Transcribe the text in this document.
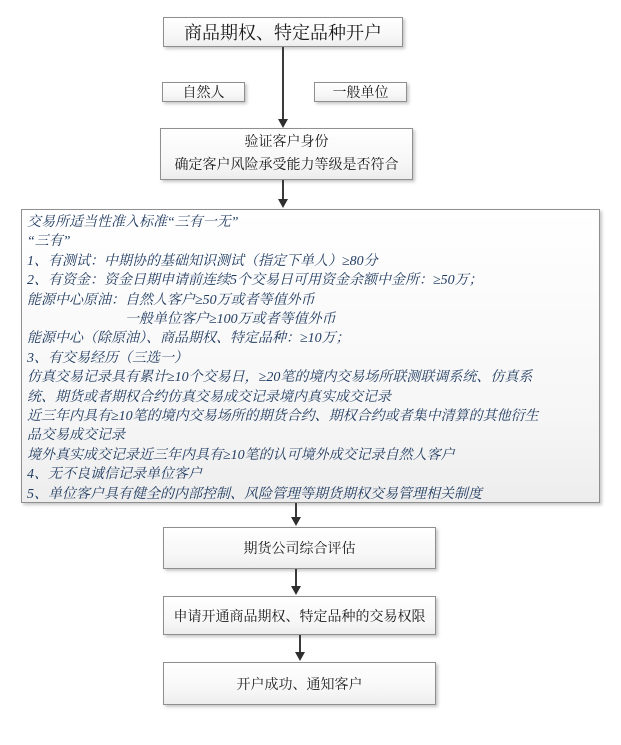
商品期权、特定品种开户
自然人	一般单位
验证客户身份
确定客户风险承受能力等级是否符合
交易所适当性准入标准“三有一无”
“三有”
1、有测试：中期协的基础知识测试（指定下单人）≥80分
2、有资金：资金日期申请前连续5个交易日可用资金余额中金所：≥50万；
能源中心原油：自然人客户≥50万或者等值外币
　　　　　　　一般单位客户≥100万或者等值外币
能源中心（除原油）、商品期权、特定品种：≥10万；
3、有交易经历（三选一）
仿真交易记录具有累计≥10个交易日，≥20笔的境内交易场所联测联调系统、仿真系
统、期货或者期权合约仿真交易成交记录境内真实成交记录
近三年内具有≥10笔的境内交易场所的期货合约、期权合约或者集中清算的其他衍生
品交易成交记录
境外真实成交记录近三年内具有≥10笔的认可境外成交记录自然人客户
4、无不良诚信记录单位客户
5、单位客户具有健全的内部控制、风险管理等期货期权交易管理相关制度
期货公司综合评估
申请开通商品期权、特定品种的交易权限
开户成功、通知客户
